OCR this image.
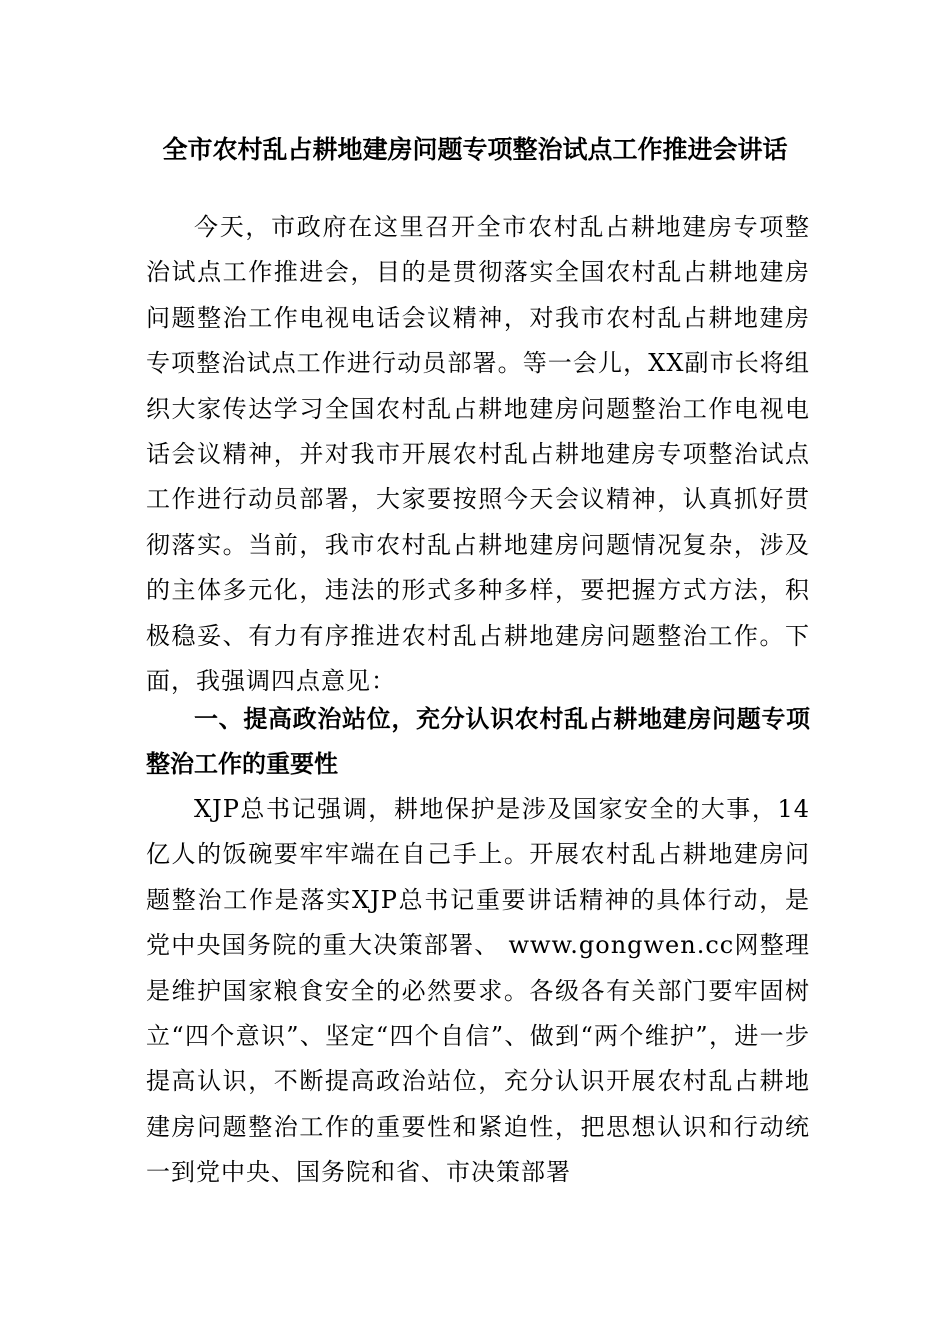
全市农村乱占耕地建房问题专项整治试点工作推进会讲话
今天，市政府在这里召开全市农村乱占耕地建房专项整治试点工作推进会，目的是贯彻落实全国农村乱占耕地建房问题整治工作电视电话会议精神，对我市农村乱占耕地建房专项整治试点工作进行动员部署。等一会儿，XX副市长将组织大家传达学习全国农村乱占耕地建房问题整治工作电视电话会议精神，并对我市开展农村乱占耕地建房专项整治试点工作进行动员部署，大家要按照今天会议精神，认真抓好贯彻落实。当前，我市农村乱占耕地建房问题情况复杂，涉及的主体多元化，违法的形式多种多样，要把握方式方法，积极稳妥、有力有序推进农村乱占耕地建房问题整治工作。下面，我强调四点意见：
一、提高政治站位，充分认识农村乱占耕地建房问题专项整治工作的重要性
XJP总书记强调，耕地保护是涉及国家安全的大事，14亿人的饭碗要牢牢端在自己手上。开展农村乱占耕地建房问题整治工作是落实XJP总书记重要讲话精神的具体行动，是党中央国务院的重大决策部署、 www.gongwen.cc网整理是维护国家粮食安全的必然要求。各级各有关部门要牢固树立“四个意识”、坚定“四个自信”、做到“两个维护”，进一步提高认识，不断提高政治站位，充分认识开展农村乱占耕地建房问题整治工作的重要性和紧迫性，把思想认识和行动统一到党中央、国务院和省、市决策部署
